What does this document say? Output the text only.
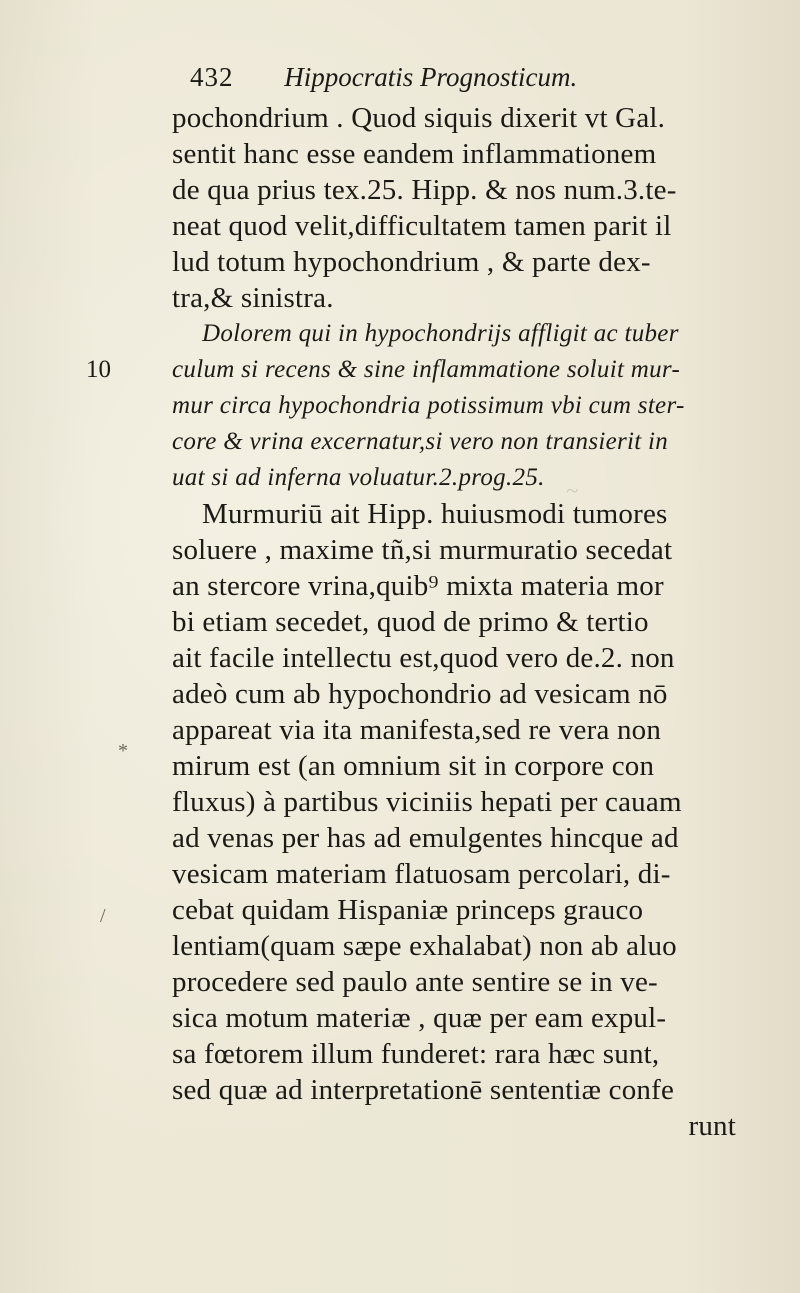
432 Hippocratis Prognosticum.
10
pochondrium . Quod siquis dixerit vt Gal.
sentit hanc esse eandem inflammationem
de qua prius tex.25. Hipp. & nos num.3.te-
neat quod velit,difficultatem tamen parit il
lud totum hypochondrium , & parte dex-
tra,& sinistra.
Dolorem qui in hypochondrijs affligit ac tuber
culum si recens & sine inflammatione soluit mur-
mur circa hypochondria potissimum vbi cum ster-
core & vrina excernatur,si vero non transierit in
uat si ad inferna voluatur.2.prog.25.
Murmuriū ait Hipp. huiusmodi tumores
soluere , maxime tñ,si murmuratio secedat
an stercore vrina,quib⁹ mixta materia mor
bi etiam secedet, quod de primo & tertio
ait facile intellectu est,quod vero de.2. non
adeò cum ab hypochondrio ad vesicam nō
appareat via ita manifesta,sed re vera non
mirum est (an omnium sit in corpore con
fluxus) à partibus viciniis hepati per cauam
ad venas per has ad emulgentes hincque ad
vesicam materiam flatuosam percolari, di-
cebat quidam Hispaniæ princeps grauco
lentiam(quam sæpe exhalabat) non ab aluo
procedere sed paulo ante sentire se in ve-
sica motum materiæ , quæ per eam expul-
sa fœtorem illum funderet: rara hæc sunt,
sed quæ ad interpretationē sententiæ confe
runt
*
/
~
